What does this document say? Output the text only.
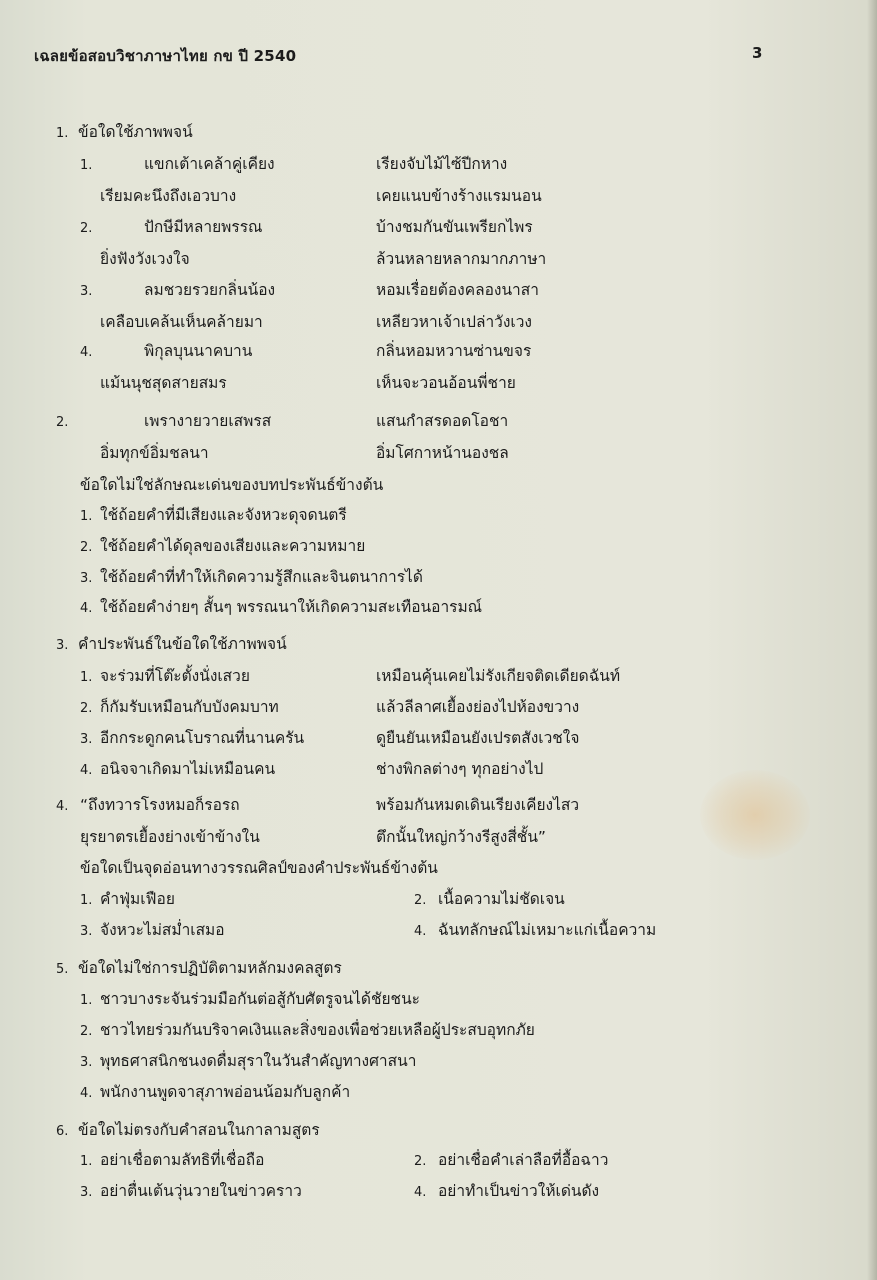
เฉลยข้อสอบวิชาภาษาไทย กข ปี 2540	3
1. ข้อใดใช้ภาพพจน์
1.	แขกเต้าเคล้าคู่เคียง	เรียงจับไม้ไซ้ปีกหาง
เรียมคะนึงถึงเอวบาง	เคยแนบข้างร้างแรมนอน
2.	ปักษีมีหลายพรรณ	บ้างชมกันขันเพรียกไพร
ยิ่งฟังวังเวงใจ	ล้วนหลายหลากมากภาษา
3.	ลมชวยรวยกลิ่นน้อง	หอมเรื่อยต้องคลองนาสา
เคลือบเคล้นเห็นคล้ายมา	เหลียวหาเจ้าเปล่าวังเวง
4.	พิกุลบุนนาคบาน	กลิ่นหอมหวานซ่านขจร
แม้นนุชสุดสายสมร	เห็นจะวอนอ้อนพี่ชาย
2.	เพรางายวายเสพรส	แสนกำสรดอดโอชา
อิ่มทุกข์อิ่มชลนา	อิ่มโศกาหน้านองชล
ข้อใดไม่ใช่ลักษณะเด่นของบทประพันธ์ข้างต้น
1. ใช้ถ้อยคำที่มีเสียงและจังหวะดุจดนตรี
2. ใช้ถ้อยคำได้ดุลของเสียงและความหมาย
3. ใช้ถ้อยคำที่ทำให้เกิดความรู้สึกและจินตนาการได้
4. ใช้ถ้อยคำง่ายๆ สั้นๆ พรรณนาให้เกิดความสะเทือนอารมณ์
3. คำประพันธ์ในข้อใดใช้ภาพพจน์
1. จะร่วมที่โต๊ะตั้งนั่งเสวย	เหมือนคุ้นเคยไม่รังเกียจติดเดียดฉันท์
2. ก็กัมรับเหมือนกับบังคมบาท	แล้วลีลาศเยื้องย่องไปห้องขวาง
3. อีกกระดูกคนโบราณที่นานครัน	ดูยืนยันเหมือนยังเปรตสังเวชใจ
4. อนิจจาเกิดมาไม่เหมือนคน	ช่างพิกลต่างๆ ทุกอย่างไป
4. “ถึงทวารโรงหมอก็รอรถ	พร้อมกันหมดเดินเรียงเคียงไสว
ยุรยาตรเยื้องย่างเข้าข้างใน	ตึกนั้นใหญ่กว้างรีสูงสี่ชั้น”
ข้อใดเป็นจุดอ่อนทางวรรณศิลป์ของคำประพันธ์ข้างต้น
1. คำฟุ่มเฟือย	2. เนื้อความไม่ชัดเจน
3. จังหวะไม่สม่ำเสมอ	4. ฉันทลักษณ์ไม่เหมาะแก่เนื้อความ
5. ข้อใดไม่ใช่การปฏิบัติตามหลักมงคลสูตร
1. ชาวบางระจันร่วมมือกันต่อสู้กับศัตรูจนได้ชัยชนะ
2. ชาวไทยร่วมกันบริจาคเงินและสิ่งของเพื่อช่วยเหลือผู้ประสบอุทกภัย
3. พุทธศาสนิกชนงดดื่มสุราในวันสำคัญทางศาสนา
4. พนักงานพูดจาสุภาพอ่อนน้อมกับลูกค้า
6. ข้อใดไม่ตรงกับคำสอนในกาลามสูตร
1. อย่าเชื่อตามลัทธิที่เชื่อถือ	2. อย่าเชื่อคำเล่าลือที่อื้อฉาว
3. อย่าตื่นเต้นวุ่นวายในข่าวคราว	4. อย่าทำเป็นข่าวให้เด่นดัง
